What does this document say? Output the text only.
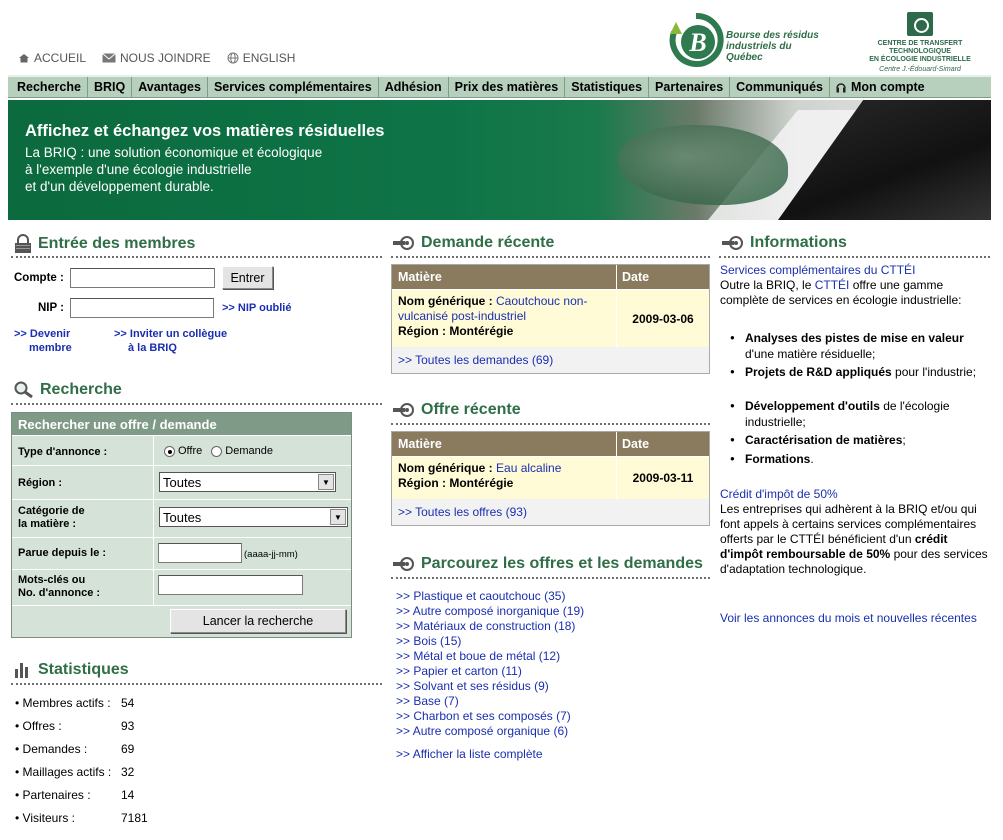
ACCUEIL	NOUS JOINDRE	ENGLISH
B Bourse des résidus
industriels du Québec
CENTRE DE TRANSFERT TECHNOLOGIQUE
EN ÉCOLOGIE INDUSTRIELLE
Centre J.-Édouard-Simard
Recherche	BRIQ	Avantages	Services complémentaires	Adhésion	Prix des matières	Statistiques	Partenaires	Communiqués	Mon compte
Affichez et échangez vos matières résiduelles
La BRIQ : une solution économique et écologique
à l'exemple d'une écologie industrielle
et d'un développement durable.
Entrée des membres
Compte :	Entrer
NIP :	>> NIP oublié
>> Devenir
membre
>> Inviter un collègue
à la BRIQ
Recherche
Rechercher une offre / demande
Type d'annonce :	Offre Demande
Région :	Toutes	▼
Catégorie de
la matière :	Toutes	▼
Parue depuis le :	(aaaa-jj-mm)
Mots-clés ou
No. d'annonce :
Lancer la recherche
Statistiques
• Membres actifs : 54
• Offres :	93
• Demandes :	69
• Maillages actifs : 32
• Partenaires :	14
• Visiteurs :	7181
Demande récente
Matière	Date
Nom générique : Caoutchouc non-vulcanisé post-industriel
Région : Montérégie
2009-03-06
>> Toutes les demandes (69)
Offre récente
Matière	Date
Nom générique : Eau alcaline
Région : Montérégie	2009-03-11
>> Toutes les offres (93)
Parcourez les offres et les demandes
>> Plastique et caoutchouc (35)
>> Autre composé inorganique (19)
>> Matériaux de construction (18)
>> Bois (15)
>> Métal et boue de métal (12)
>> Papier et carton (11)
>> Solvant et ses résidus (9)
>> Base (7)
>> Charbon et ses composés (7)
>> Autre composé organique (6)
>> Afficher la liste complète
Informations
Services complémentaires du CTTÉI
Outre la BRIQ, le CTTÉI offre une gamme complète de services en écologie industrielle:
● Analyses des pistes de mise en valeur d'une matière résiduelle;
● Projets de R&D appliqués pour l'industrie;
● Développement d'outils de l'écologie industrielle;
● Caractérisation de matières;
● Formations.
Crédit d'impôt de 50%
Les entreprises qui adhèrent à la BRIQ et/ou qui font appels à certains services complémentaires offerts par le CTTÉI bénéficient d'un crédit d'impôt remboursable de 50% pour des services d'adaptation technologique.
Voir les annonces du mois et nouvelles récentes
